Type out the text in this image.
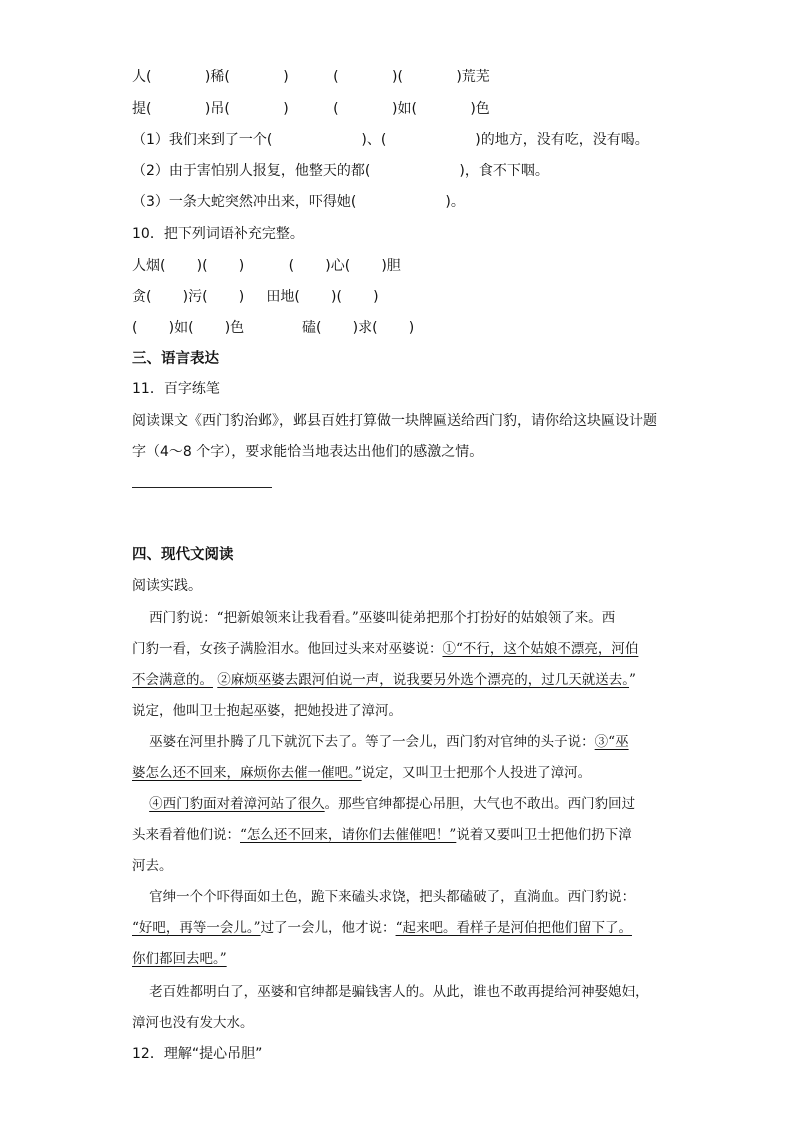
人(            )稀(            )          (            )(            )荒芜
提(            )吊(            )          (            )如(            )色
（1）我们来到了一个(                    )、(                    )的地方，没有吃，没有喝。
（2）由于害怕别人报复，他整天的都(                    )，食不下咽。
（3）一条大蛇突然冲出来，吓得她(                    )。
10．把下列词语补充完整。
人烟(       )(       )          (       )心(       )胆
贪(       )污(       )     田地(       )(       )
(       )如(       )色             磕(       )求(       )
三、语言表达
11．百字练笔
阅读课文《西门豹治邺》，邺县百姓打算做一块牌匾送给西门豹，请你给这块匾设计题
字（4～8 个字），要求能恰当地表达出他们的感激之情。
四、现代文阅读
阅读实践。
西门豹说：“把新娘领来让我看看。”巫婆叫徒弟把那个打扮好的姑娘领了来。西
门豹一看，女孩子满脸泪水。他回过头来对巫婆说：①“不行，这个姑娘不漂亮，河伯
不会满意的。 ②麻烦巫婆去跟河伯说一声，说我要另外选个漂亮的，过几天就送去。”
说定，他叫卫士抱起巫婆，把她投进了漳河。
巫婆在河里扑腾了几下就沉下去了。等了一会儿，西门豹对官绅的头子说：③“巫
婆怎么还不回来，麻烦你去催一催吧。”说定，又叫卫士把那个人投进了漳河。
④西门豹面对着漳河站了很久。那些官绅都提心吊胆，大气也不敢出。西门豹回过
头来看着他们说：“怎么还不回来，请你们去催催吧！”说着又要叫卫士把他们扔下漳
河去。
官绅一个个吓得面如土色，跪下来磕头求饶，把头都磕破了，直淌血。西门豹说：
“好吧，再等一会儿。”过了一会儿，他才说：“起来吧。看样子是河伯把他们留下了。
你们都回去吧。”
老百姓都明白了，巫婆和官绅都是骗钱害人的。从此，谁也不敢再提给河神娶媳妇，
漳河也没有发大水。
12．理解“提心吊胆”
